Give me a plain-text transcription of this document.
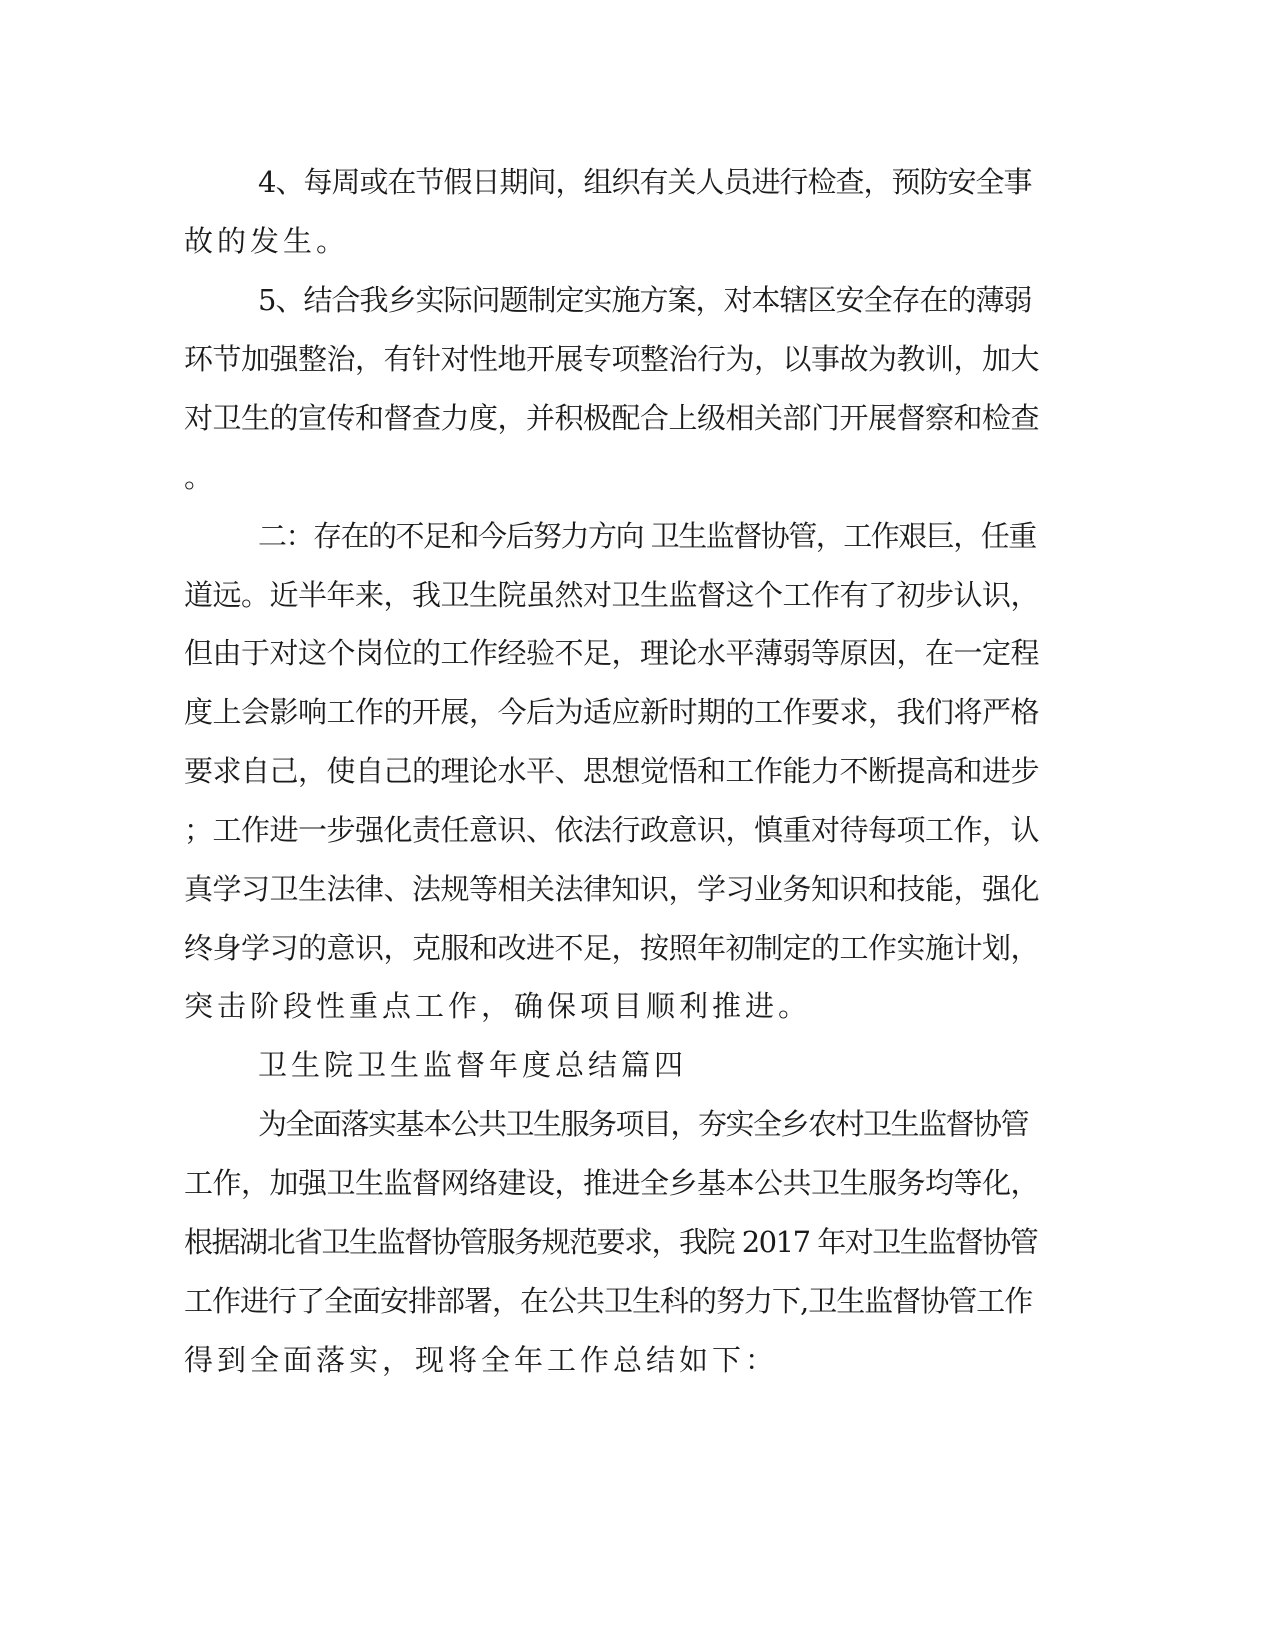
4、每周或在节假日期间，组织有关人员进行检查，预防安全事
故的发生。
5、结合我乡实际问题制定实施方案，对本辖区安全存在的薄弱
环节加强整治，有针对性地开展专项整治行为，以事故为教训，加大
对卫生的宣传和督查力度，并积极配合上级相关部门开展督察和检查
。
二：存在的不足和今后努力方向 卫生监督协管，工作艰巨，任重
道远。近半年来，我卫生院虽然对卫生监督这个工作有了初步认识，
但由于对这个岗位的工作经验不足，理论水平薄弱等原因，在一定程
度上会影响工作的开展，今后为适应新时期的工作要求，我们将严格
要求自己，使自己的理论水平、思想觉悟和工作能力不断提高和进步
；工作进一步强化责任意识、依法行政意识，慎重对待每项工作，认
真学习卫生法律、法规等相关法律知识，学习业务知识和技能，强化
终身学习的意识，克服和改进不足，按照年初制定的工作实施计划，
突击阶段性重点工作，确保项目顺利推进。
卫生院卫生监督年度总结篇四
为全面落实基本公共卫生服务项目，夯实全乡农村卫生监督协管
工作，加强卫生监督网络建设，推进全乡基本公共卫生服务均等化，
根据湖北省卫生监督协管服务规范要求，我院 2017 年对卫生监督协管
工作进行了全面安排部署，在公共卫生科的努力下,卫生监督协管工作
得到全面落实，现将全年工作总结如下：
